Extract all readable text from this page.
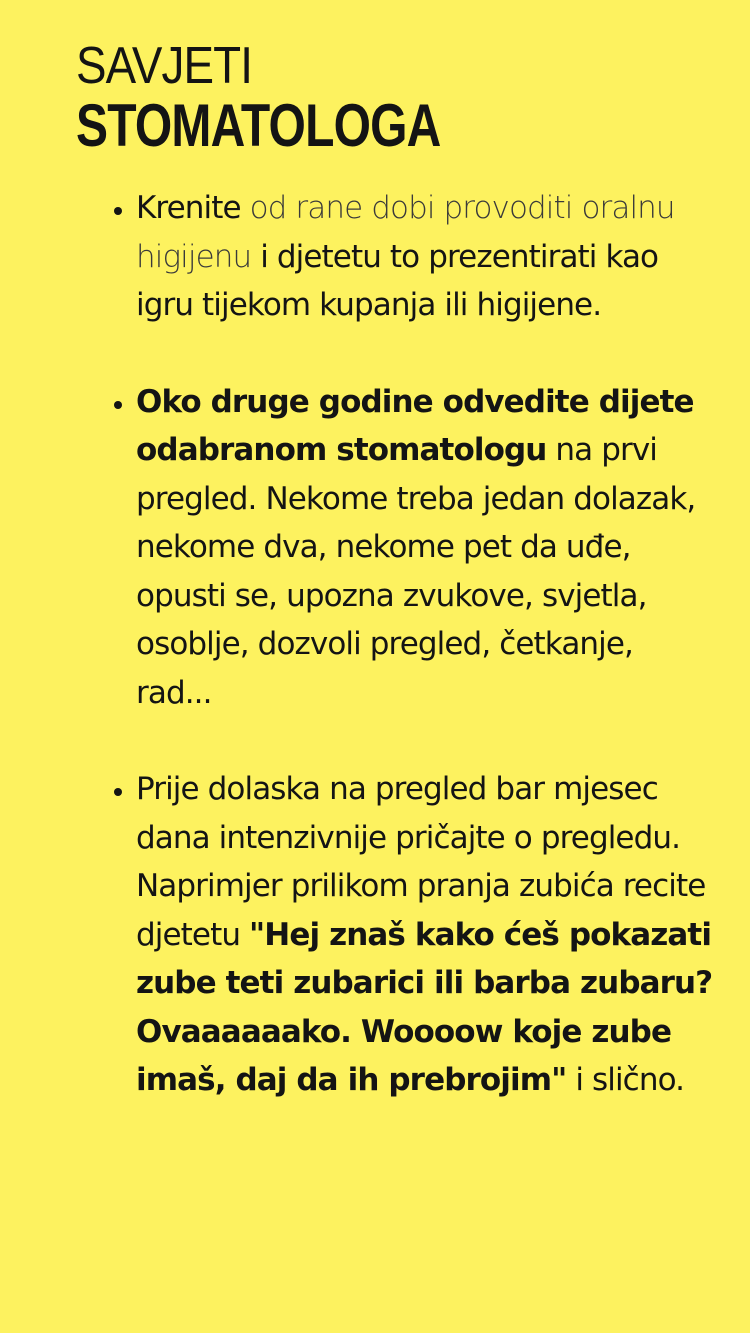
SAVJETI
STOMATOLOGA
• Krenite od rane dobi provoditi oralnu higijenu i djetetu to prezentirati kao igru tijekom kupanja ili higijene.
• Oko druge godine odvedite dijete odabranom stomatologu na prvi pregled. Nekome treba jedan dolazak, nekome dva, nekome pet da uđe, opusti se, upozna zvukove, svjetla, osoblje, dozvoli pregled, četkanje, rad...
• Prije dolaska na pregled bar mjesec dana intenzivnije pričajte o pregledu. Naprimjer prilikom pranja zubića recite djetetu "Hej znaš kako ćeš pokazati zube teti zubarici ili barba zubaru? Ovaaaaaako. Woooow koje zube imaš, daj da ih prebrojim" i slično.
